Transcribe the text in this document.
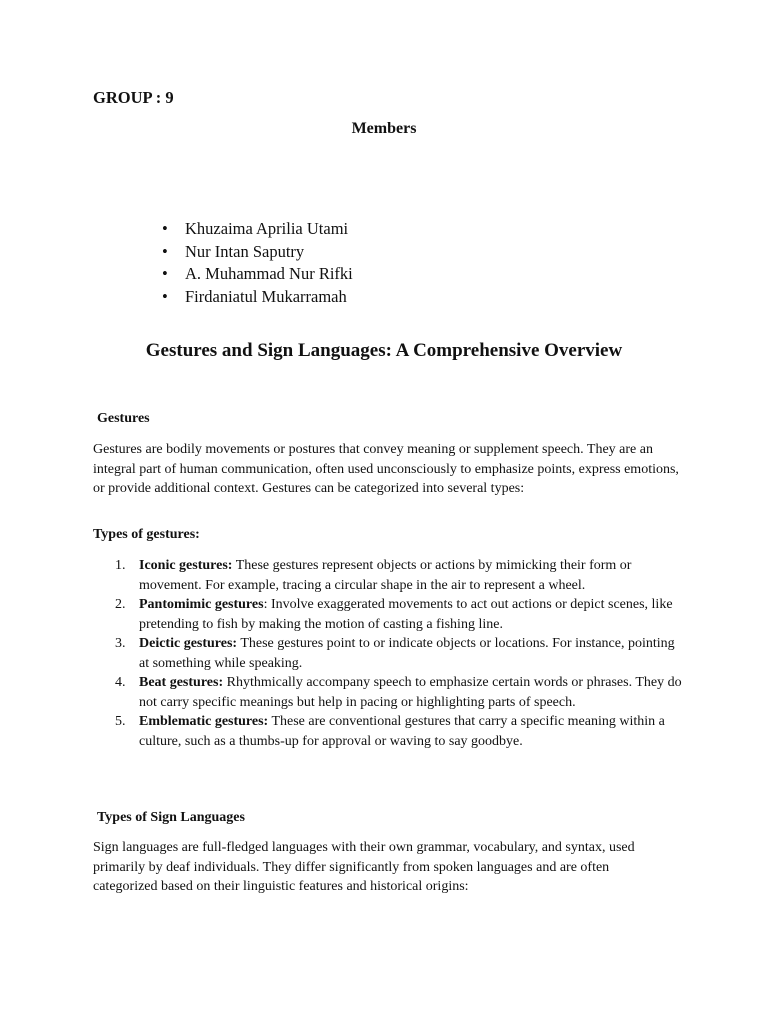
GROUP : 9
Members
• Khuzaima Aprilia Utami
• Nur Intan Saputry
• A. Muhammad Nur Rifki
• Firdaniatul Mukarramah
Gestures and Sign Languages: A Comprehensive Overview
Gestures
Gestures are bodily movements or postures that convey meaning or supplement speech. They are an integral part of human communication, often used unconsciously to emphasize points, express emotions, or provide additional context. Gestures can be categorized into several types:
Types of gestures:
1. Iconic gestures: These gestures represent objects or actions by mimicking their form or movement. For example, tracing a circular shape in the air to represent a wheel.
2. Pantomimic gestures: Involve exaggerated movements to act out actions or depict scenes, like pretending to fish by making the motion of casting a fishing line.
3. Deictic gestures: These gestures point to or indicate objects or locations. For instance, pointing at something while speaking.
4. Beat gestures: Rhythmically accompany speech to emphasize certain words or phrases. They do not carry specific meanings but help in pacing or highlighting parts of speech.
5. Emblematic gestures: These are conventional gestures that carry a specific meaning within a culture, such as a thumbs-up for approval or waving to say goodbye.
Types of Sign Languages
Sign languages are full-fledged languages with their own grammar, vocabulary, and syntax, used primarily by deaf individuals. They differ significantly from spoken languages and are often categorized based on their linguistic features and historical origins:
